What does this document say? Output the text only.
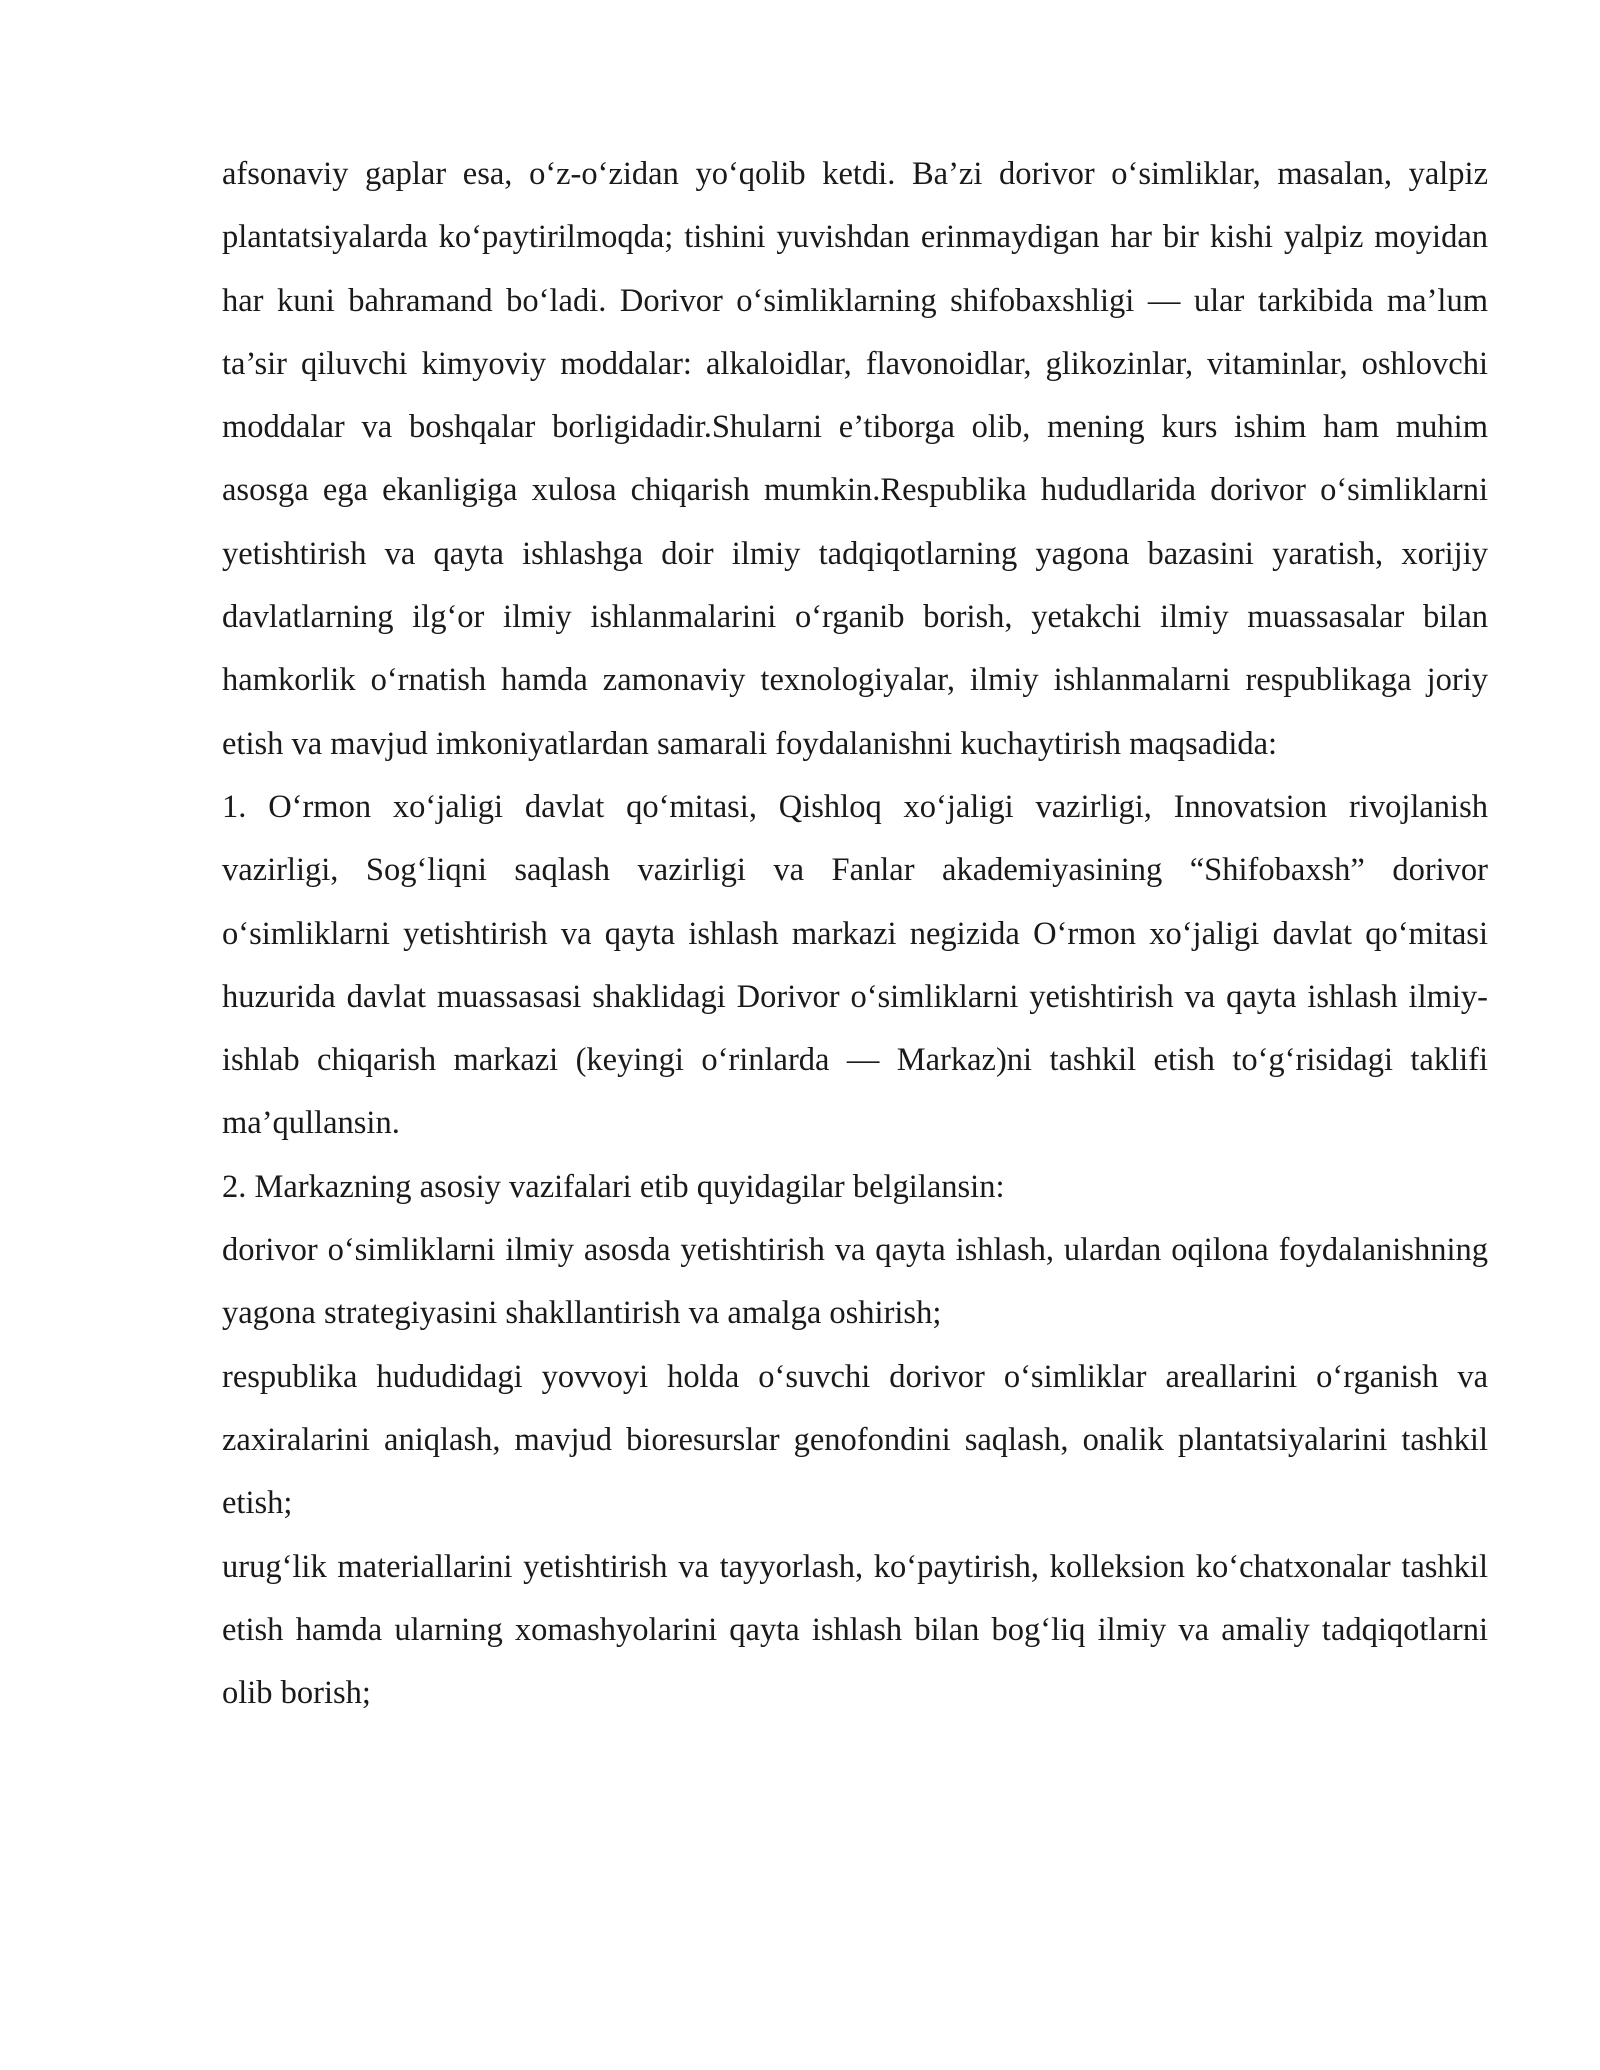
afsonaviy gaplar esa, o‘z-o‘zidan yo‘qolib ketdi. Ba’zi dorivor o‘simliklar, masalan, yalpiz plantatsiyalarda ko‘paytirilmoqda; tishini yuvishdan erinmaydigan har bir kishi yalpiz moyidan har kuni bahramand bo‘ladi. Dorivor o‘simliklarning shifobaxshligi — ular tarkibida ma’lum ta’sir qiluvchi kimyoviy moddalar: alkaloidlar, flavonoidlar, glikozinlar, vitaminlar, oshlovchi moddalar va boshqalar borligidadir.Shularni e’tiborga olib, mening kurs ishim ham muhim asosga ega ekanligiga xulosa chiqarish mumkin.Respublika hududlarida dorivor o‘simliklarni yetishtirish va qayta ishlashga doir ilmiy tadqiqotlarning yagona bazasini yaratish, xorijiy davlatlarning ilg‘or ilmiy ishlanmalarini o‘rganib borish, yetakchi ilmiy muassasalar bilan hamkorlik o‘rnatish hamda zamonaviy texnologiyalar, ilmiy ishlanmalarni respublikaga joriy etish va mavjud imkoniyatlardan samarali foydalanishni kuchaytirish maqsadida:

1. O‘rmon xo‘jaligi davlat qo‘mitasi, Qishloq xo‘jaligi vazirligi, Innovatsion rivojlanish vazirligi, Sog‘liqni saqlash vazirligi va Fanlar akademiyasining “Shifobaxsh” dorivor o‘simliklarni yetishtirish va qayta ishlash markazi negizida O‘rmon xo‘jaligi davlat qo‘mitasi huzurida davlat muassasasi shaklidagi Dorivor o‘simliklarni yetishtirish va qayta ishlash ilmiy-ishlab chiqarish markazi (keyingi o‘rinlarda — Markaz)ni tashkil etish to‘g‘risidagi taklifi ma’qullansin.

2. Markazning asosiy vazifalari etib quyidagilar belgilansin:

dorivor o‘simliklarni ilmiy asosda yetishtirish va qayta ishlash, ulardan oqilona foydalanishning yagona strategiyasini shakllantirish va amalga oshirish;

respublika hududidagi yovvoyi holda o‘suvchi dorivor o‘simliklar areallarini o‘rganish va zaxiralarini aniqlash, mavjud bioresurslar genofondini saqlash, onalik plantatsiyalarini tashkil etish;

urug‘lik materiallarini yetishtirish va tayyorlash, ko‘paytirish, kolleksion ko‘chatxonalar tashkil etish hamda ularning xomashyolarini qayta ishlash bilan bog‘liq ilmiy va amaliy tadqiqotlarni olib borish;
